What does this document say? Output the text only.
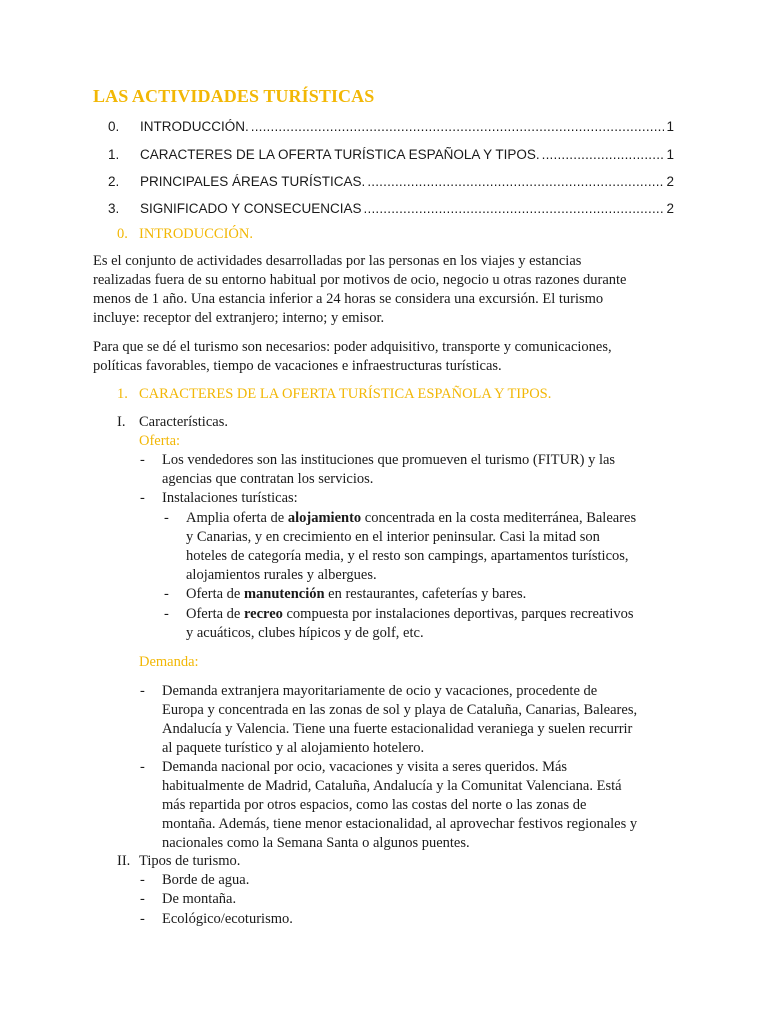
LAS ACTIVIDADES TURÍSTICAS
0.	INTRODUCCIÓN. .....	1
1.	CARACTERES DE LA OFERTA TURÍSTICA ESPAÑOLA Y TIPOS. .....	1
2.	PRINCIPALES ÁREAS TURÍSTICAS. .....	2
3.	SIGNIFICADO Y CONSECUENCIAS .....	2
0. INTRODUCCIÓN.
Es el conjunto de actividades desarrolladas por las personas en los viajes y estancias
realizadas fuera de su entorno habitual por motivos de ocio, negocio u otras razones durante
menos de 1 año. Una estancia inferior a 24 horas se considera una excursión. El turismo
incluye: receptor del extranjero; interno; y emisor.
Para que se dé el turismo son necesarios: poder adquisitivo, transporte y comunicaciones,
políticas favorables, tiempo de vacaciones e infraestructuras turísticas.
1. CARACTERES DE LA OFERTA TURÍSTICA ESPAÑOLA Y TIPOS.
I. Características.
Oferta:
- Los vendedores son las instituciones que promueven el turismo (FITUR) y las
agencias que contratan los servicios.
- Instalaciones turísticas:
- Amplia oferta de alojamiento concentrada en la costa mediterránea, Baleares
y Canarias, y en crecimiento en el interior peninsular. Casi la mitad son
hoteles de categoría media, y el resto son campings, apartamentos turísticos,
alojamientos rurales y albergues.
- Oferta de manutención en restaurantes, cafeterías y bares.
- Oferta de recreo compuesta por instalaciones deportivas, parques recreativos
y acuáticos, clubes hípicos y de golf, etc.
Demanda:
- Demanda extranjera mayoritariamente de ocio y vacaciones, procedente de
Europa y concentrada en las zonas de sol y playa de Cataluña, Canarias, Baleares,
Andalucía y Valencia. Tiene una fuerte estacionalidad veraniega y suelen recurrir
al paquete turístico y al alojamiento hotelero.
- Demanda nacional por ocio, vacaciones y visita a seres queridos. Más
habitualmente de Madrid, Cataluña, Andalucía y la Comunitat Valenciana. Está
más repartida por otros espacios, como las costas del norte o las zonas de
montaña. Además, tiene menor estacionalidad, al aprovechar festivos regionales y
nacionales como la Semana Santa o algunos puentes.
II. Tipos de turismo.
- Borde de agua.
- De montaña.
- Ecológico/ecoturismo.
